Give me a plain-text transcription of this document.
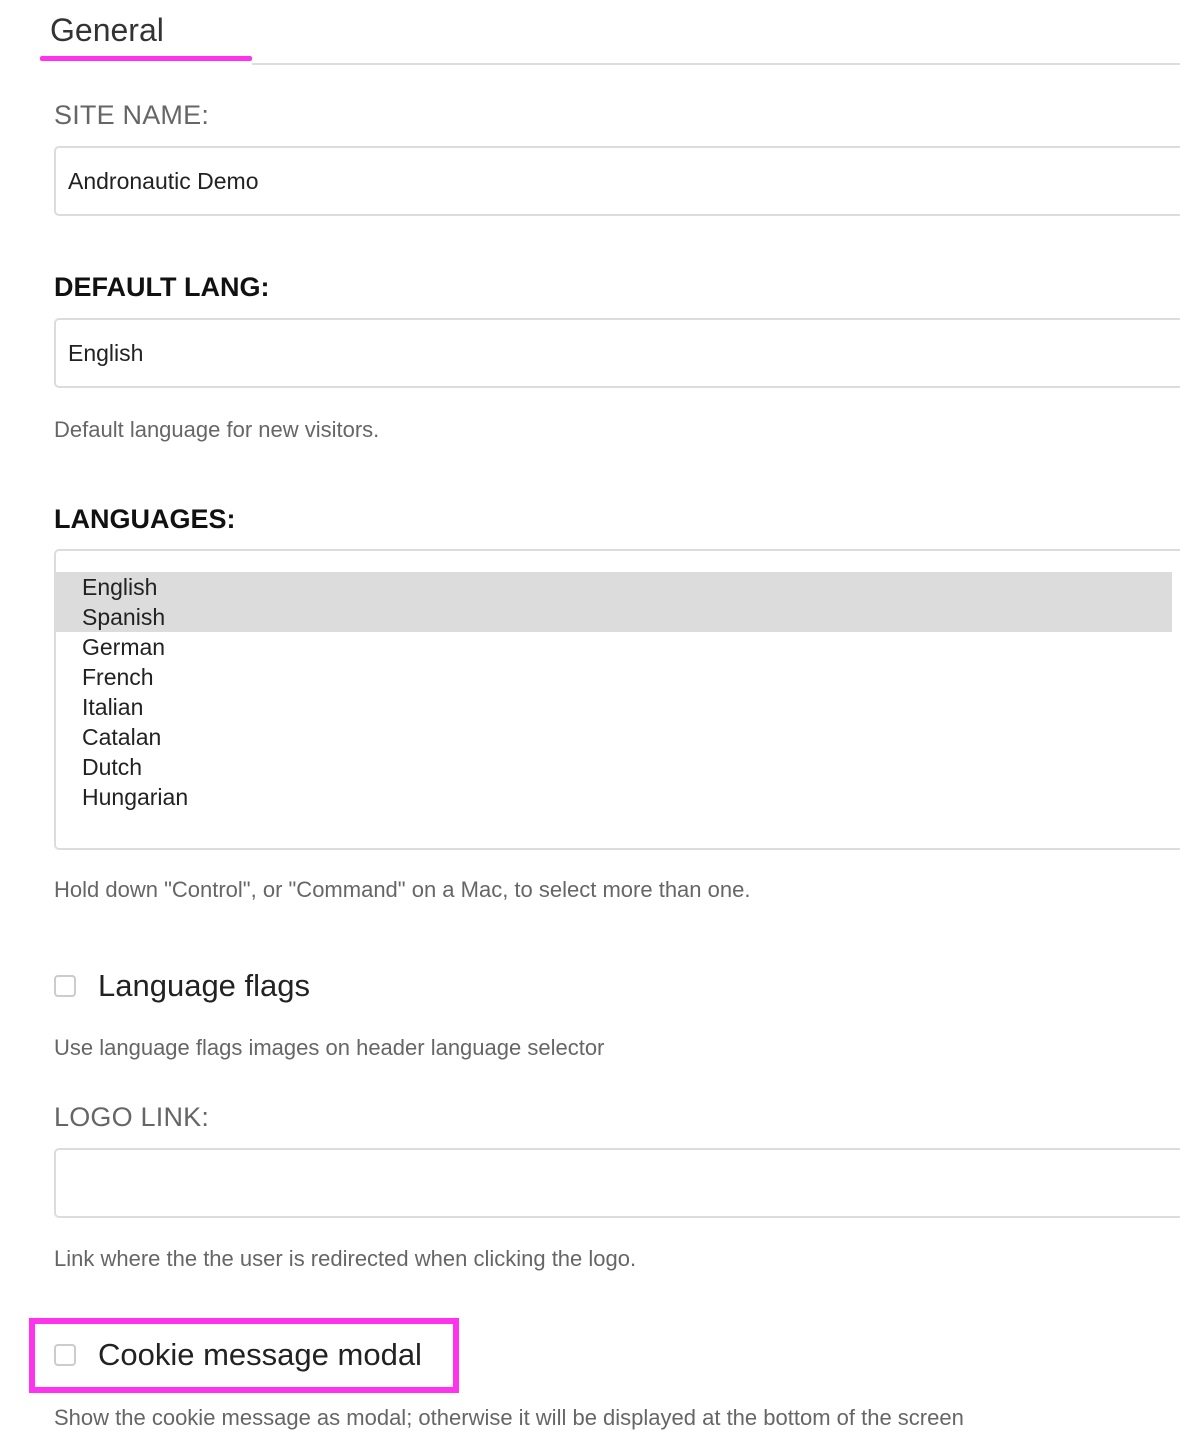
General
SITE NAME:
Andronautic Demo
DEFAULT LANG:
English
Default language for new visitors.
LANGUAGES:
English
Spanish
German
French
Italian
Catalan
Dutch
Hungarian
Hold down "Control", or "Command" on a Mac, to select more than one.
Language flags
Use language flags images on header language selector
LOGO LINK:
Link where the the user is redirected when clicking the logo.
Cookie message modal
Show the cookie message as modal; otherwise it will be displayed at the bottom of the screen
